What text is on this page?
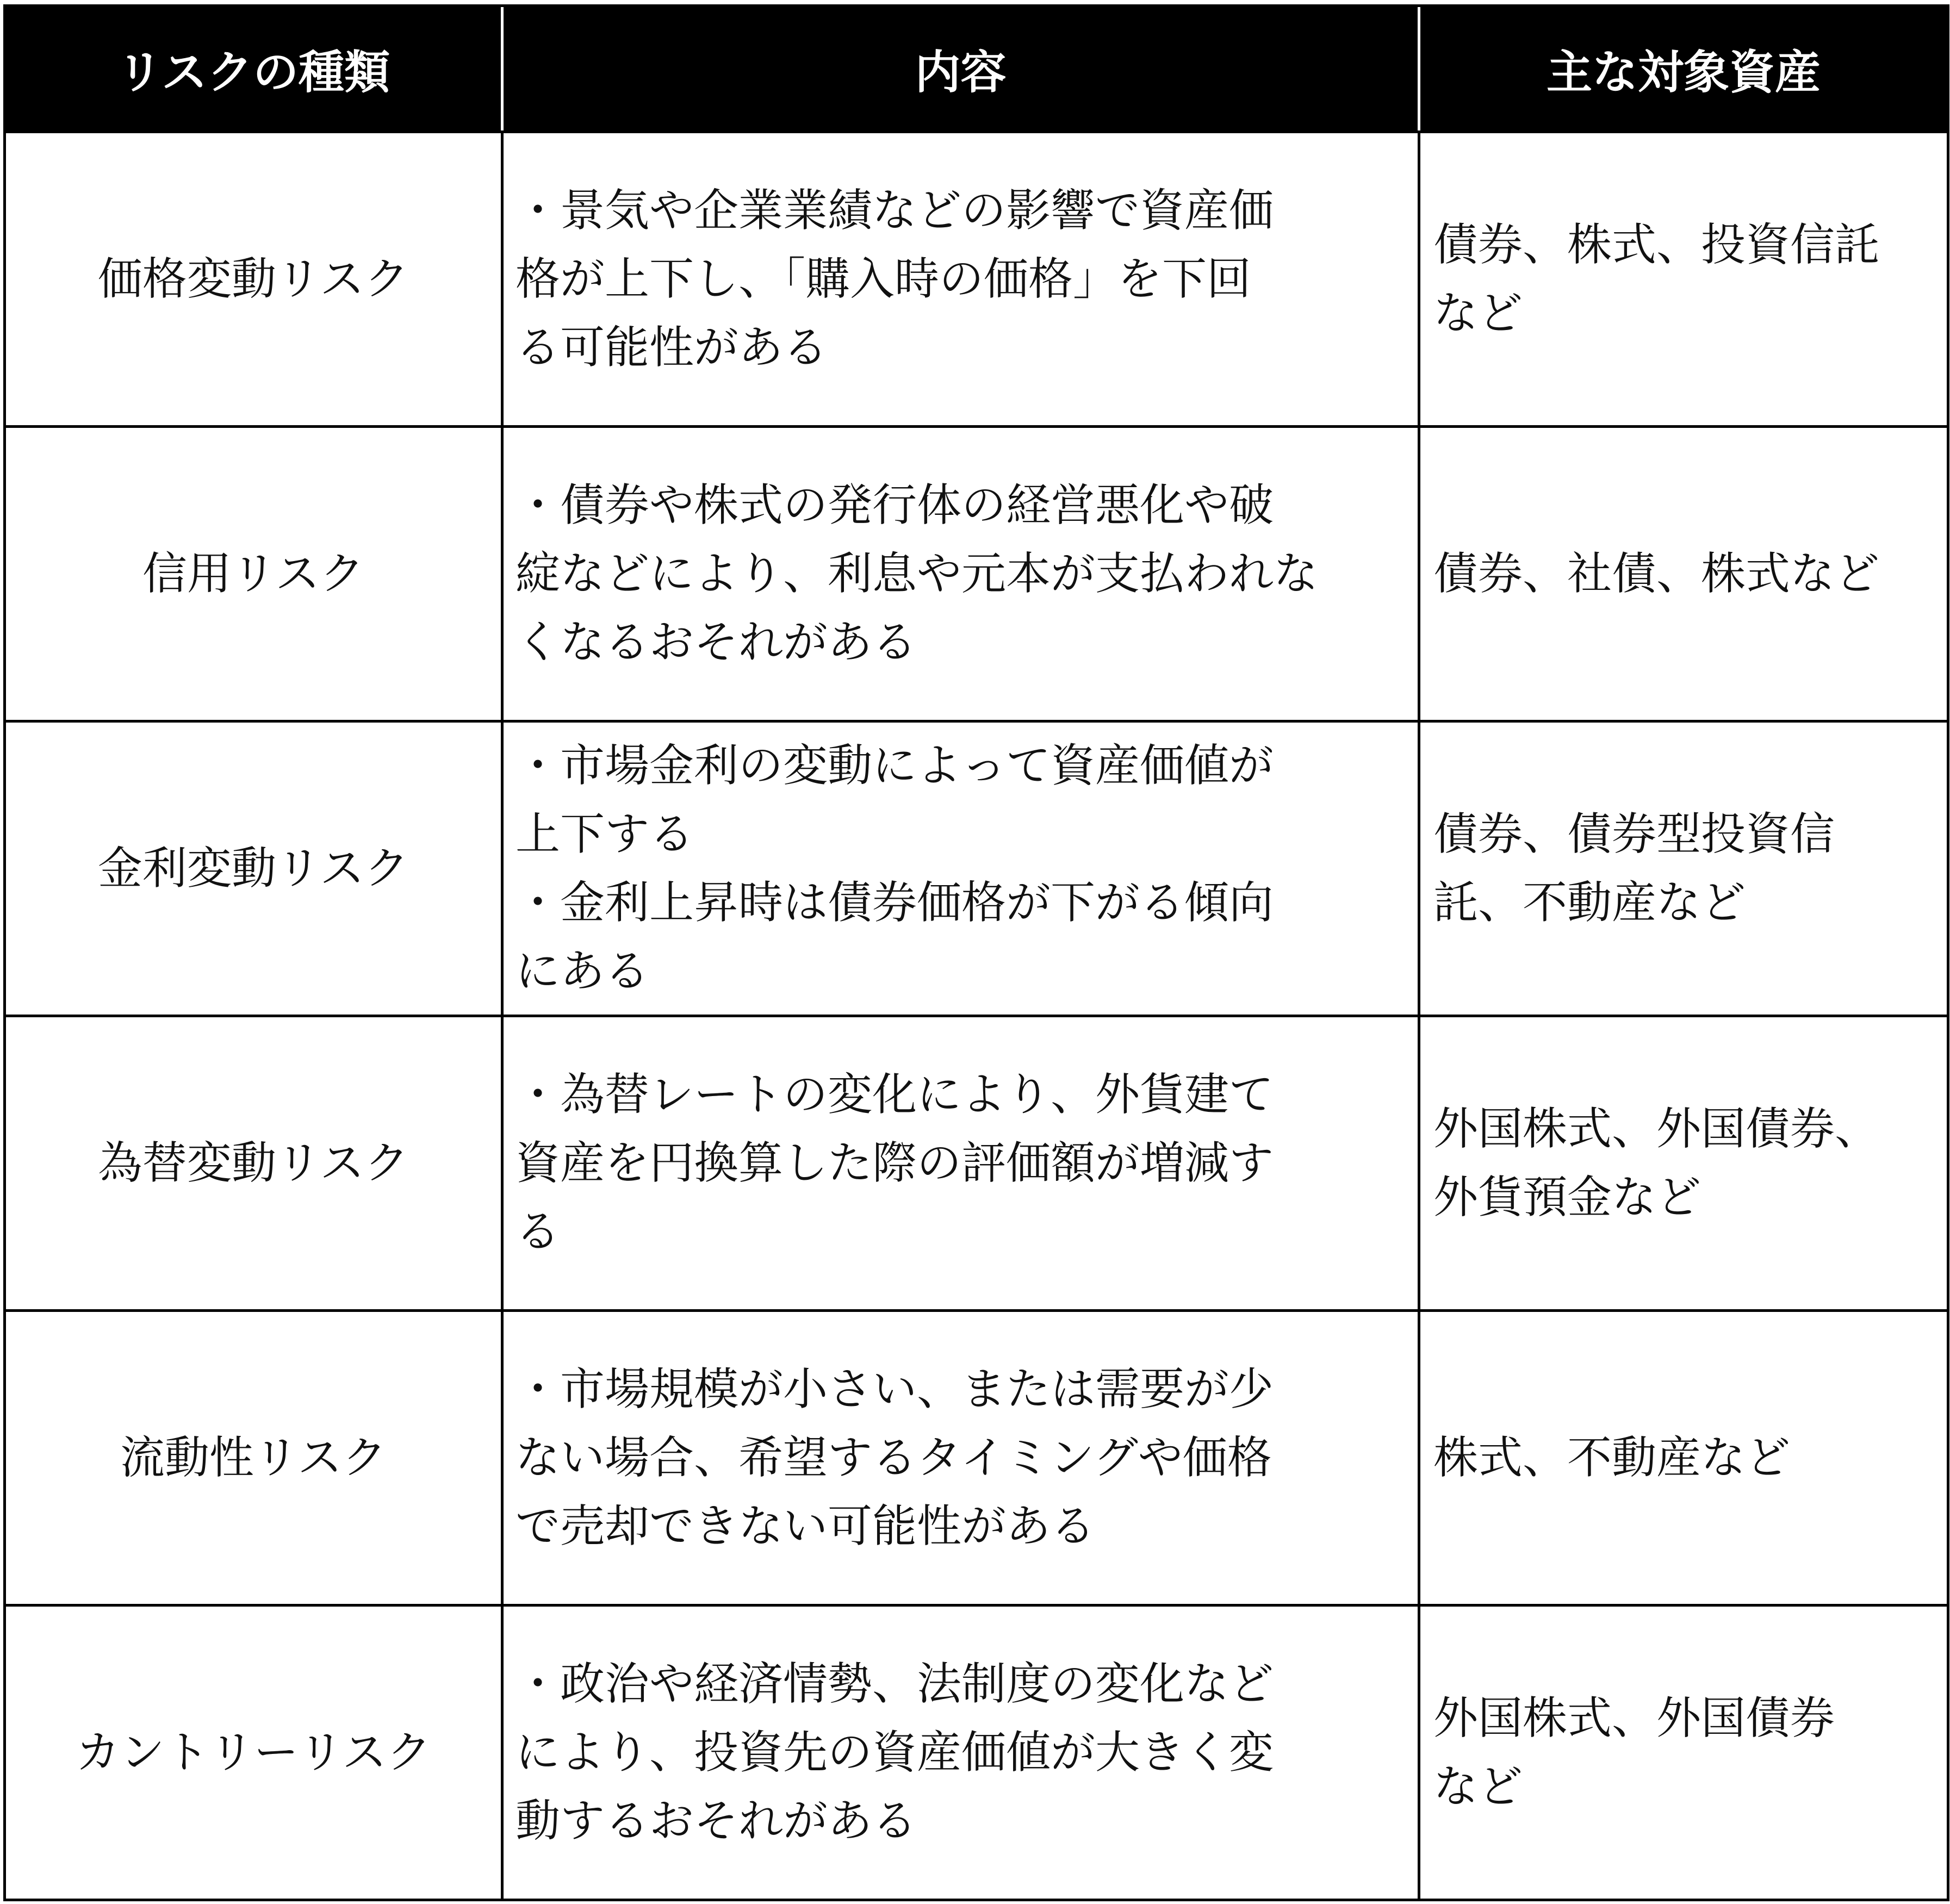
リスクの種類	内容	主な対象資産
価格変動リスク	・景気や企業業績などの影響で資産価
格が上下し、「購入時の価格」を下回
る可能性がある	債券、株式、投資信託
など

信用リスク	・債券や株式の発行体の経営悪化や破
綻などにより、利息や元本が支払われな
くなるおそれがある	債券、社債、株式など

金利変動リスク	・市場金利の変動によって資産価値が
上下する
・金利上昇時は債券価格が下がる傾向
にある	債券、債券型投資信
託、不動産など

為替変動リスク	・為替レートの変化により、外貨建て
資産を円換算した際の評価額が増減す
る	外国株式、外国債券、
外貨預金など

流動性リスク	・市場規模が小さい、または需要が少
ない場合、希望するタイミングや価格
で売却できない可能性がある	株式、不動産など

カントリーリスク	・政治や経済情勢、法制度の変化など
により、投資先の資産価値が大きく変
動するおそれがある	外国株式、外国債券
など
